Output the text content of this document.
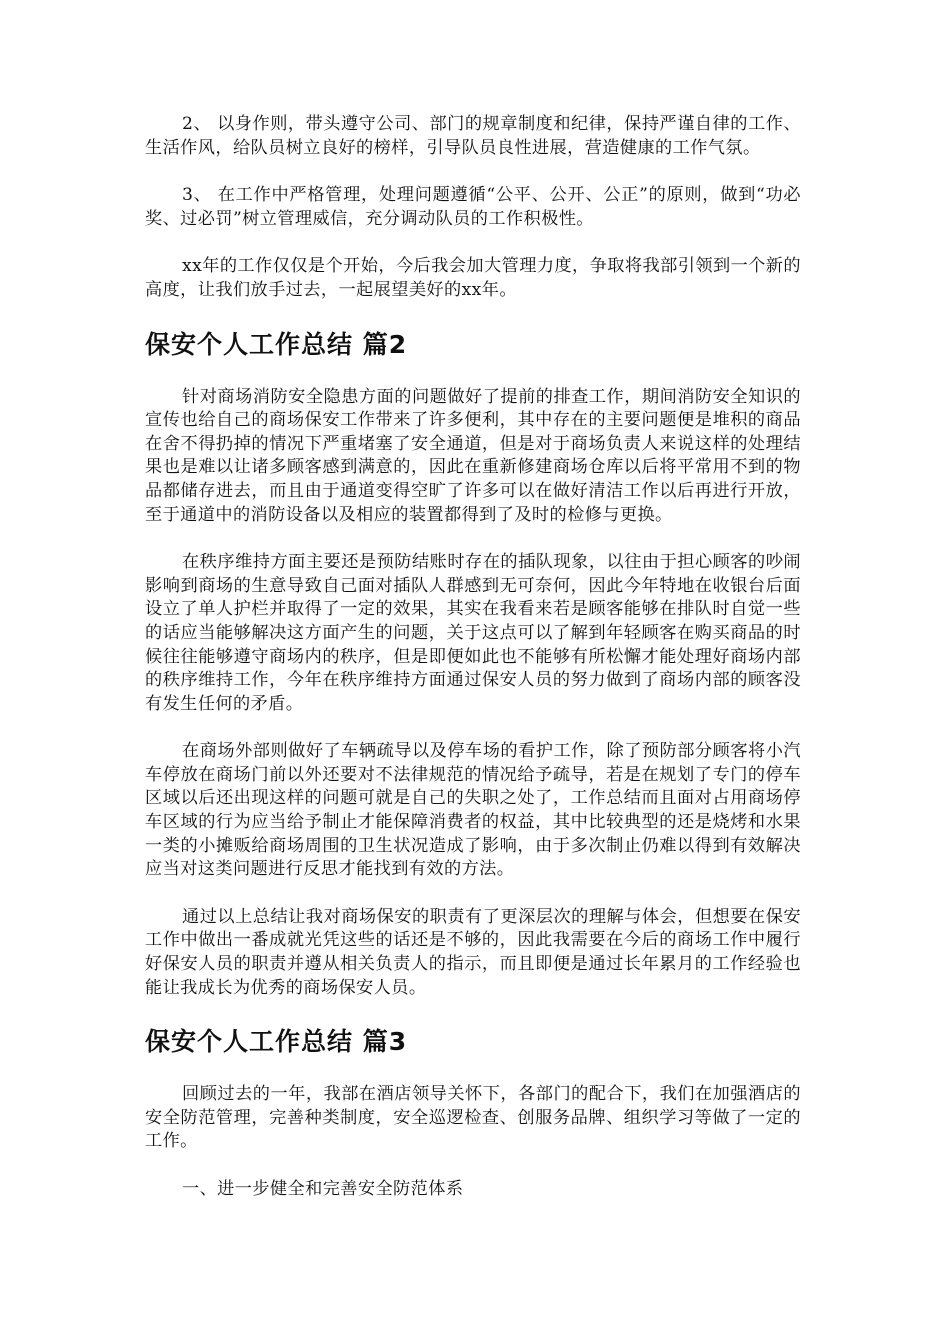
2、 以身作则，带头遵守公司、部门的规章制度和纪律，保持严谨自律的工作、生活作风，给队员树立良好的榜样，引导队员良性进展，营造健康的工作气氛。

3、 在工作中严格管理，处理问题遵循“公平、公开、公正”的原则，做到“功必奖、过必罚”树立管理威信，充分调动队员的工作积极性。

xx年的工作仅仅是个开始，今后我会加大管理力度，争取将我部引领到一个新的高度，让我们放手过去，一起展望美好的xx年。

保安个人工作总结 篇2

针对商场消防安全隐患方面的问题做好了提前的排查工作，期间消防安全知识的宣传也给自己的商场保安工作带来了许多便利，其中存在的主要问题便是堆积的商品在舍不得扔掉的情况下严重堵塞了安全通道，但是对于商场负责人来说这样的处理结果也是难以让诸多顾客感到满意的，因此在重新修建商场仓库以后将平常用不到的物品都储存进去，而且由于通道变得空旷了许多可以在做好清洁工作以后再进行开放，至于通道中的消防设备以及相应的装置都得到了及时的检修与更换。

在秩序维持方面主要还是预防结账时存在的插队现象，以往由于担心顾客的吵闹影响到商场的生意导致自己面对插队人群感到无可奈何，因此今年特地在收银台后面设立了单人护栏并取得了一定的效果，其实在我看来若是顾客能够在排队时自觉一些的话应当能够解决这方面产生的问题，关于这点可以了解到年轻顾客在购买商品的时候往往能够遵守商场内的秩序，但是即便如此也不能够有所松懈才能处理好商场内部的秩序维持工作，今年在秩序维持方面通过保安人员的努力做到了商场内部的顾客没有发生任何的矛盾。

在商场外部则做好了车辆疏导以及停车场的看护工作，除了预防部分顾客将小汽车停放在商场门前以外还要对不法律规范的情况给予疏导，若是在规划了专门的停车区域以后还出现这样的问题可就是自己的失职之处了，工作总结而且面对占用商场停车区域的行为应当给予制止才能保障消费者的权益，其中比较典型的还是烧烤和水果一类的小摊贩给商场周围的卫生状况造成了影响，由于多次制止仍难以得到有效解决应当对这类问题进行反思才能找到有效的方法。

通过以上总结让我对商场保安的职责有了更深层次的理解与体会，但想要在保安工作中做出一番成就光凭这些的话还是不够的，因此我需要在今后的商场工作中履行好保安人员的职责并遵从相关负责人的指示，而且即便是通过长年累月的工作经验也能让我成长为优秀的商场保安人员。

保安个人工作总结 篇3

回顾过去的一年，我部在酒店领导关怀下，各部门的配合下，我们在加强酒店的安全防范管理，完善种类制度，安全巡逻检查、创服务品牌、组织学习等做了一定的工作。

一、进一步健全和完善安全防范体系
